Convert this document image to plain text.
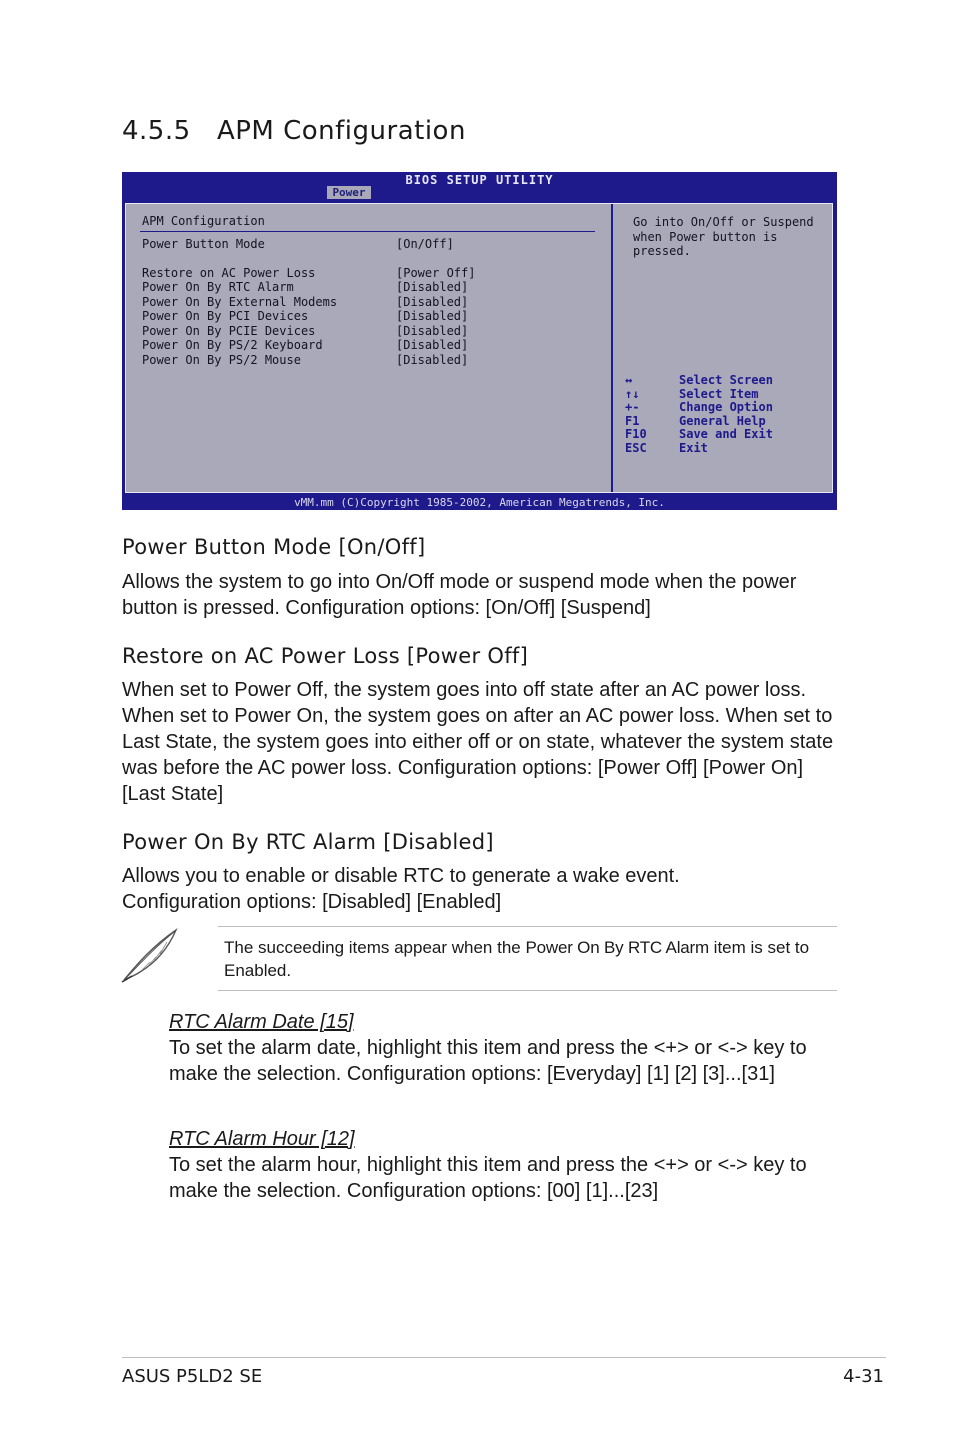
4.5.5 APM Configuration
BIOS SETUP UTILITY
Power
APM Configuration
Power Button Mode	[On/Off]
Restore on AC Power Loss	[Power Off]
Power On By RTC Alarm	[Disabled]
Power On By External Modems	[Disabled]
Power On By PCI Devices	[Disabled]
Power On By PCIE Devices	[Disabled]
Power On By PS/2 Keyboard	[Disabled]
Power On By PS/2 Mouse	[Disabled]
Go into On/Off or Suspend when Power button is pressed.
↔	Select Screen
↑↓	Select Item
+-	Change Option
F1	General Help
F10	Save and Exit
ESC	Exit
vMM.mm (C)Copyright 1985-2002, American Megatrends, Inc.
Power Button Mode [On/Off]

Allows the system to go into On/Off mode or suspend mode when the power button is pressed. Configuration options: [On/Off] [Suspend]

Restore on AC Power Loss [Power Off]

When set to Power Off, the system goes into off state after an AC power loss. When set to Power On, the system goes on after an AC power loss. When set to Last State, the system goes into either off or on state, whatever the system state was before the AC power loss. Configuration options: [Power Off] [Power On] [Last State]

Power On By RTC Alarm [Disabled]

Allows you to enable or disable RTC to generate a wake event.
Configuration options: [Disabled] [Enabled]

The succeeding items appear when the Power On By RTC Alarm item is set to Enabled.
RTC Alarm Date [15]
To set the alarm date, highlight this item and press the <+> or <-> key to make the selection. Configuration options: [Everyday] [1] [2] [3]...[31]
RTC Alarm Hour [12]
To set the alarm hour, highlight this item and press the <+> or <-> key to make the selection. Configuration options: [00] [1]...[23]
ASUS P5LD2 SE	4-31
